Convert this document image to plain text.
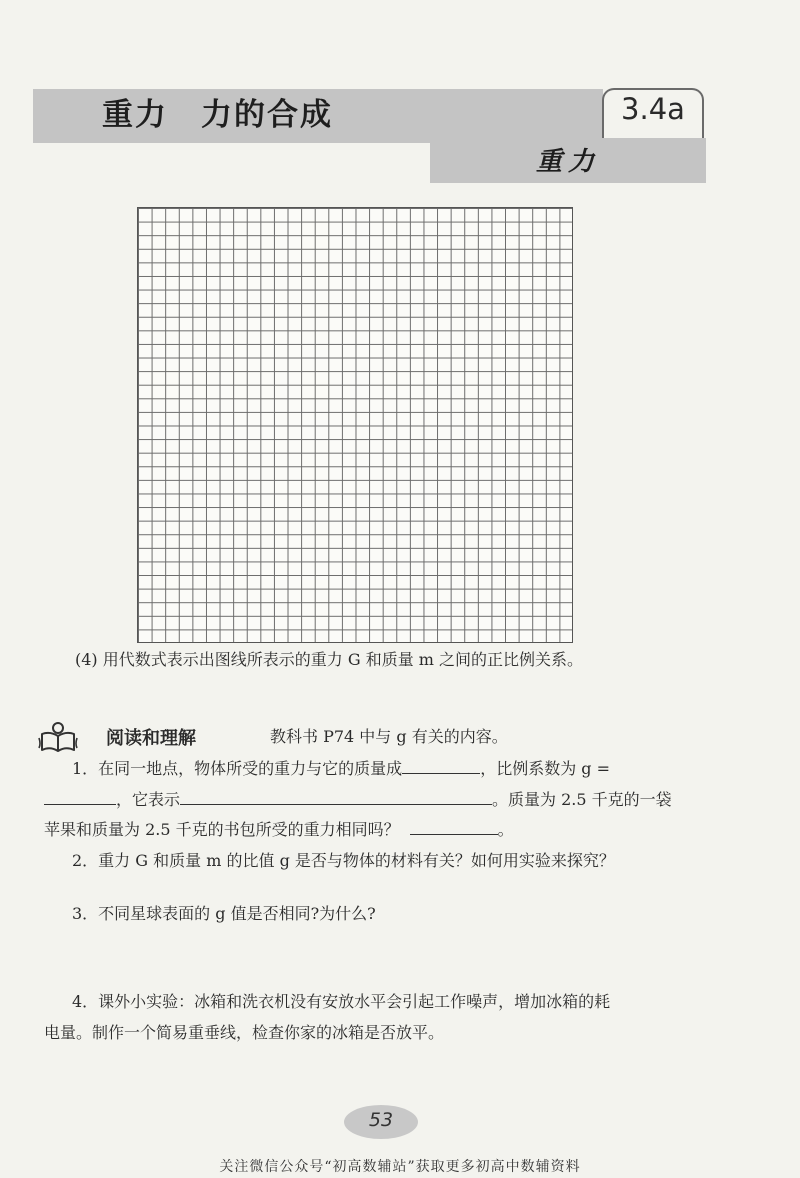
重力　力的合成	3.4a
重力
(4) 用代数式表示出图线所表示的重力 G 和质量 m 之间的正比例关系。
阅读和理解	教科书 P74 中与 g 有关的内容。
1．在同一地点，物体所受的重力与它的质量成	，比例系数为 g =
，它表示	。质量为 2.5 千克的一袋
苹果和质量为 2.5 千克的书包所受的重力相同吗？	。
2．重力 G 和质量 m 的比值 g 是否与物体的材料有关？如何用实验来探究？
3．不同星球表面的 g 值是否相同?为什么?
4．课外小实验：冰箱和洗衣机没有安放水平会引起工作噪声，增加冰箱的耗
电量。制作一个简易重垂线，检查你家的冰箱是否放平。
53
关注微信公众号“初高数辅站”获取更多初高中数辅资料
